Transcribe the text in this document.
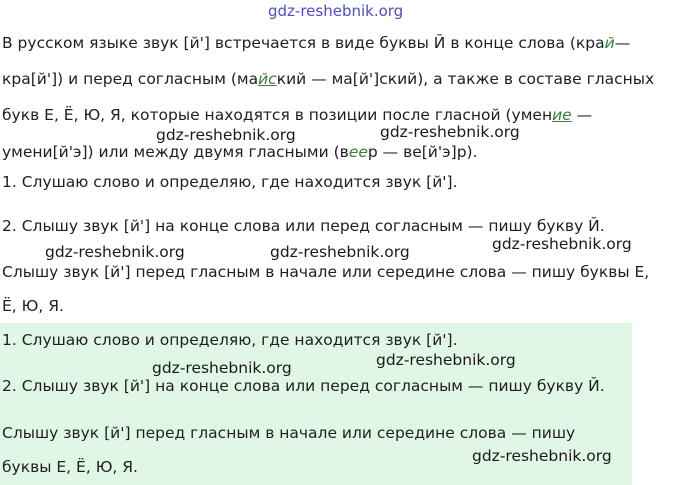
gdz-reshebnik.org
В русском языке звук [й'] встречается в виде буквы Й в конце слова (край—
кра[й']) и перед согласным (майский — ма[й']ский), а также в составе гласных
букв Е, Ё, Ю, Я, которые находятся в позиции после гласной (умение —
gdz-reshebnik.org	gdz-reshebnik.org
умени[й'э]) или между двумя гласными (веер — ве[й'э]р).
1. Слушаю слово и определяю, где находится звук [й'].
2. Слышу звук [й'] на конце слова или перед согласным — пишу букву Й.
gdz-reshebnik.org	gdz-reshebnik.org	gdz-reshebnik.org
Слышу звук [й'] перед гласным в начале или середине слова — пишу буквы Е,
Ё, Ю, Я.
1. Слушаю слово и определяю, где находится звук [й'].
gdz-reshebnik.org	gdz-reshebnik.org
2. Слышу звук [й'] на конце слова или перед согласным — пишу букву Й.
Слышу звук [й'] перед гласным в начале или середине слова — пишу
gdz-reshebnik.org
буквы Е, Ё, Ю, Я.
